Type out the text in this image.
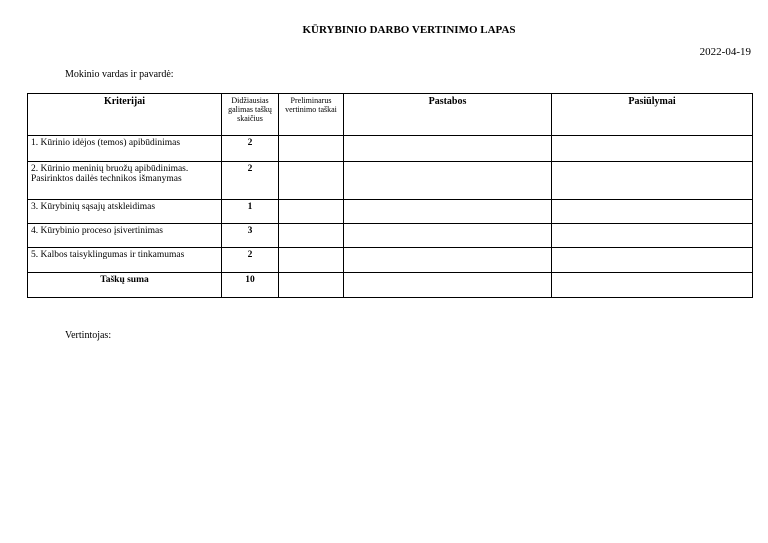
KŪRYBINIO DARBO VERTINIMO LAPAS
2022-04-19
Mokinio vardas ir pavardė:
Kriterijai	Didžiausias galimas taškų skaičius	Preliminarus vertinimo taškai	Pastabos	Pasiūlymai
1. Kūrinio idėjos (temos) apibūdinimas	2			
2. Kūrinio meninių bruožų apibūdinimas. Pasirinktos dailės technikos išmanymas	2			
3. Kūrybinių sąsajų atskleidimas	1			
4. Kūrybinio proceso įsivertinimas	3			
5. Kalbos taisyklingumas ir tinkamumas	2			
Taškų suma	10			
Vertintojas:
